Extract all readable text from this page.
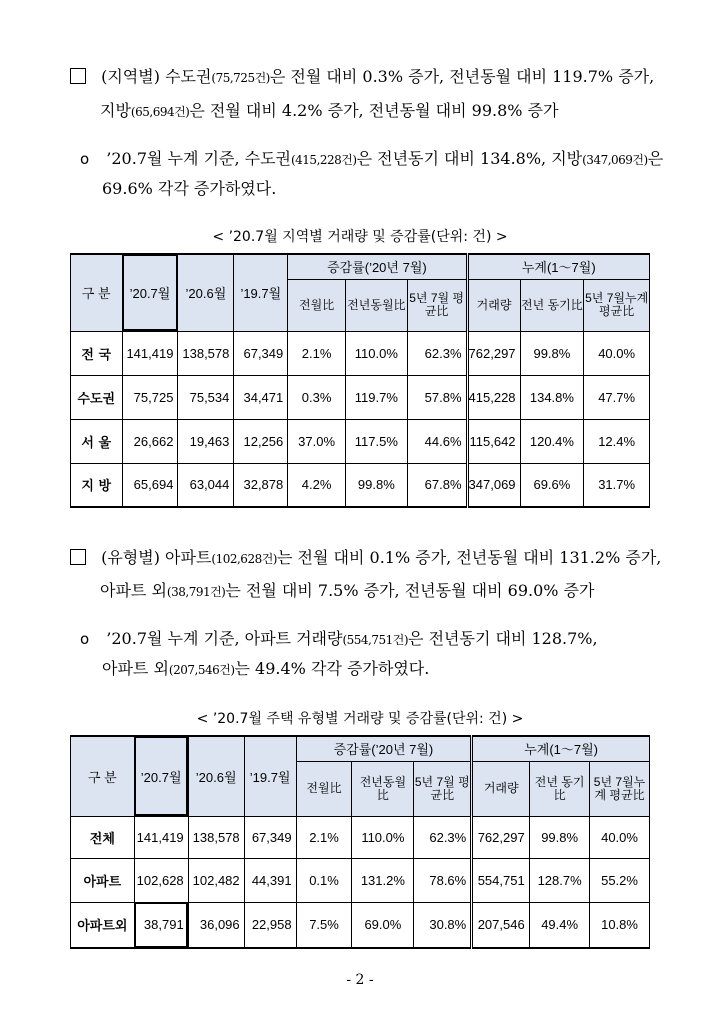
(지역별) 수도권(75,725건)은 전월 대비 0.3% 증가, 전년동월 대비 119.7% 증가,
지방(65,694건)은 전월 대비 4.2% 증가, 전년동월 대비 99.8% 증가
o ’20.7월 누계 기준, 수도권(415,228건)은 전년동기 대비 134.8%, 지방(347,069건)은
69.6% 각각 증가하였다.
< ’20.7월 지역별 거래량 및 증감률(단위: 건) >
구 분	’20.7월	’20.6월	’19.7월	증감률(’20년 7월)			누계(1～7월)		
				전월比	전년동월比	5년 7월 평균比	거래량	전년 동기比	5년 7월누계 평균比
전 국	141,419	138,578	67,349	2.1%	110.0%	62.3%	762,297	99.8%	40.0%
수도권	75,725	75,534	34,471	0.3%	119.7%	57.8%	415,228	134.8%	47.7%
서 울	26,662	19,463	12,256	37.0%	117.5%	44.6%	115,642	120.4%	12.4%
지 방	65,694	63,044	32,878	4.2%	99.8%	67.8%	347,069	69.6%	31.7%
(유형별) 아파트(102,628건)는 전월 대비 0.1% 증가, 전년동월 대비 131.2% 증가,
아파트 외(38,791건)는 전월 대비 7.5% 증가, 전년동월 대비 69.0% 증가
o ’20.7월 누계 기준, 아파트 거래량(554,751건)은 전년동기 대비 128.7%,
아파트 외(207,546건)는 49.4% 각각 증가하였다.
< ’20.7월 주택 유형별 거래량 및 증감률(단위: 건) >
구 분	’20.7월	’20.6월	’19.7월	증감률(’20년 7월)			누계(1～7월)		
				전월比	전년동월 比	5년 7월 평균比	거래량	전년 동기比	5년 7월누계 평균比
전체	141,419	138,578	67,349	2.1%	110.0%	62.3%	762,297	99.8%	40.0%
아파트	102,628	102,482	44,391	0.1%	131.2%	78.6%	554,751	128.7%	55.2%
아파트외	38,791	36,096	22,958	7.5%	69.0%	30.8%	207,546	49.4%	10.8%
- 2 -
